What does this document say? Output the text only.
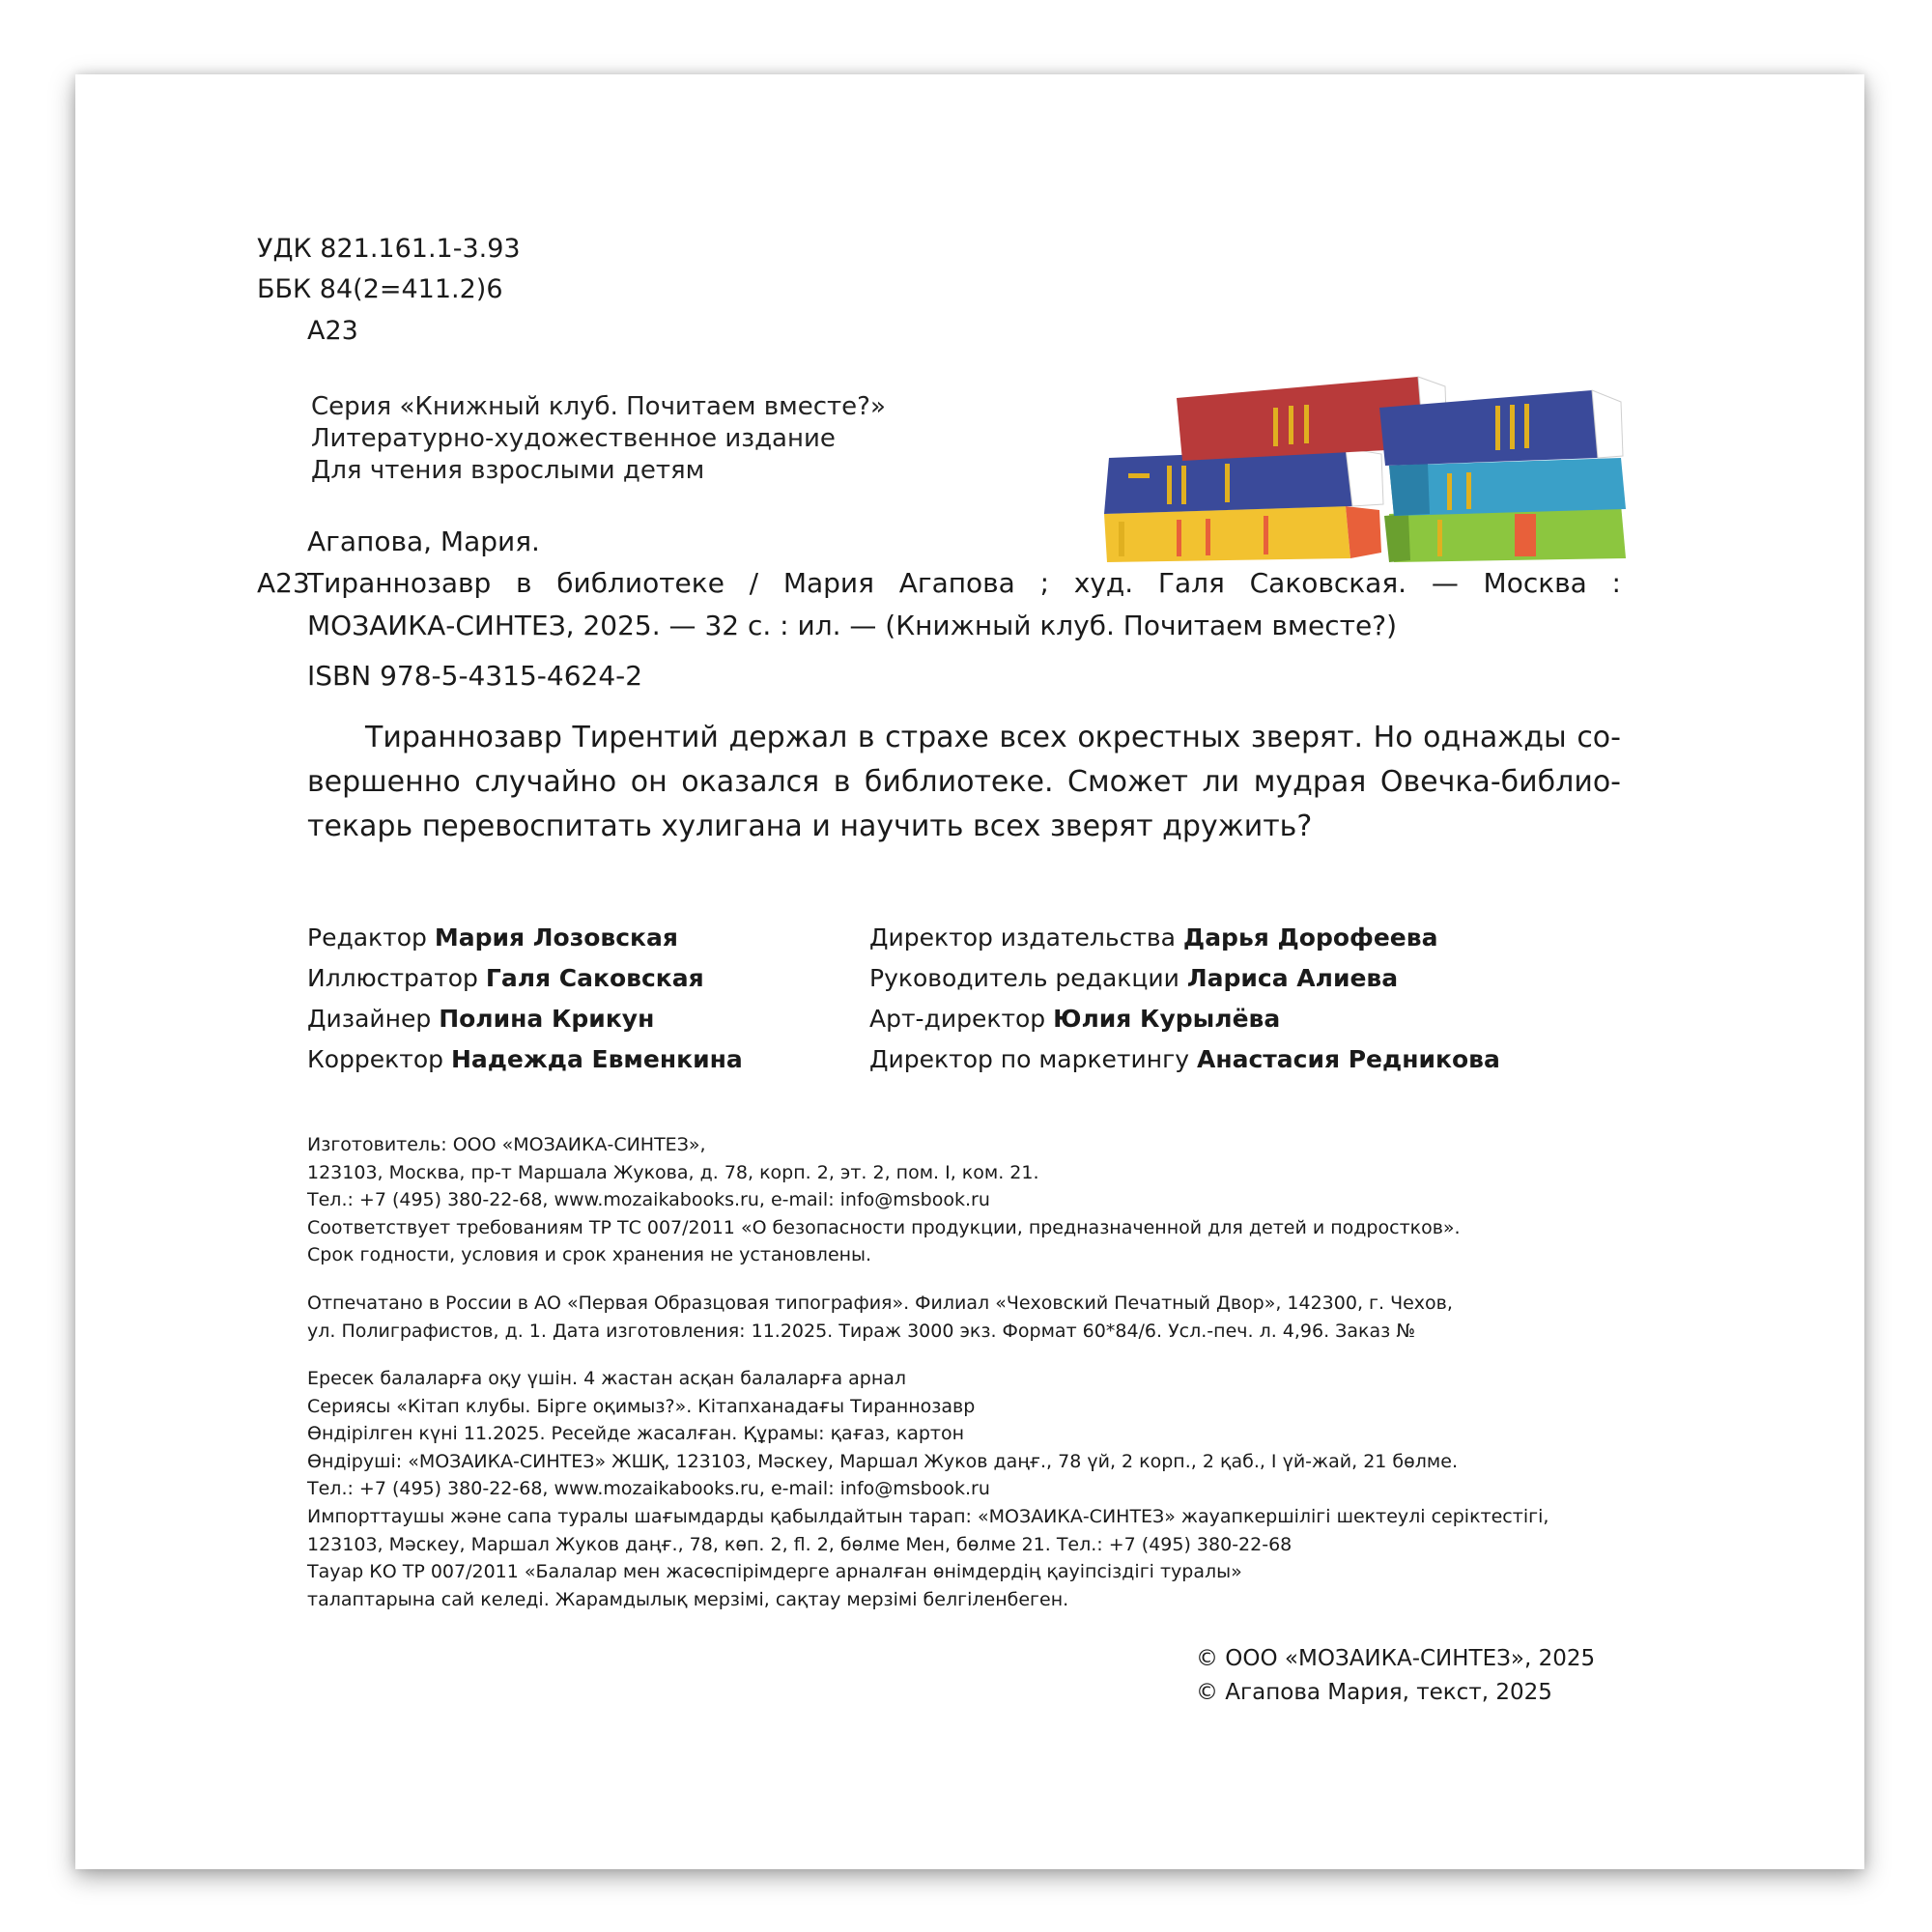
УДК 821.161.1-3.93
ББК 84(2=411.2)6
А23
Серия «Книжный клуб. Почитаем вместе?»
Литературно-художественное издание
Для чтения взрослыми детям
Агапова, Мария.
А23
Тираннозавр в библиотеке / Мария Агапова ; худ. Галя Саковская. — Москва :
МОЗАИКА-СИНТЕЗ, 2025. — 32 с. : ил. — (Книжный клуб. Почитаем вместе?)
ISBN 978-5-4315-4624-2
Тираннозавр Тирентий держал в страхе всех окрестных зверят. Но однажды со-
вершенно случайно он оказался в библиотеке. Сможет ли мудрая Овечка-библио-
текарь перевоспитать хулигана и научить всех зверят дружить?
Редактор Мария Лозовская
Иллюстратор Галя Саковская
Дизайнер Полина Крикун
Корректор Надежда Евменкина
Директор издательства Дарья Дорофеева
Руководитель редакции Лариса Алиева
Арт-директор Юлия Курылёва
Директор по маркетингу Анастасия Редникова
Изготовитель: ООО «МОЗАИКА-СИНТЕЗ»,
123103, Москва, пр-т Маршала Жукова, д. 78, корп. 2, эт. 2, пом. I, ком. 21.
Тел.: +7 (495) 380-22-68, www.mozaikabooks.ru, e-mail: info@msbook.ru
Соответствует требованиям ТР ТС 007/2011 «О безопасности продукции, предназначенной для детей и подростков».
Срок годности, условия и срок хранения не установлены.
Отпечатано в России в АО «Первая Образцовая типография». Филиал «Чеховский Печатный Двор», 142300, г. Чехов,
ул. Полиграфистов, д. 1. Дата изготовления: 11.2025. Тираж 3000 экз. Формат 60*84/6. Усл.-печ. л. 4,96. Заказ №
Ересек балаларға оқу үшін. 4 жастан асқан балаларға арнал
Сериясы «Кітап клубы. Бірге оқимыз?». Кітапханадағы Тираннозавр
Өндірілген күні 11.2025. Ресейде жасалған. Құрамы: қағаз, картон
Өндіруші: «МОЗАИКА-СИНТЕЗ» ЖШҚ, 123103, Мәскеу, Маршал Жуков даңғ., 78 үй, 2 корп., 2 қаб., I үй-жай, 21 бөлме.
Тел.: +7 (495) 380-22-68, www.mozaikabooks.ru, e-mail: info@msbook.ru
Импорттаушы және сапа туралы шағымдарды қабылдайтын тарап: «МОЗАИКА-СИНТЕЗ» жауапкершілігі шектеулі серіктестігі,
123103, Мәскеу, Маршал Жуков даңғ., 78, көп. 2, fl. 2, бөлме Мен, бөлме 21. Тел.: +7 (495) 380-22-68
Тауар КО ТР 007/2011 «Балалар мен жасөспірімдерге арналған өнімдердің қауіпсіздігі туралы»
талаптарына сай келеді. Жарамдылық мерзімі, сақтау мерзімі белгіленбеген.
© ООО «МОЗАИКА-СИНТЕЗ», 2025
© Агапова Мария, текст, 2025
